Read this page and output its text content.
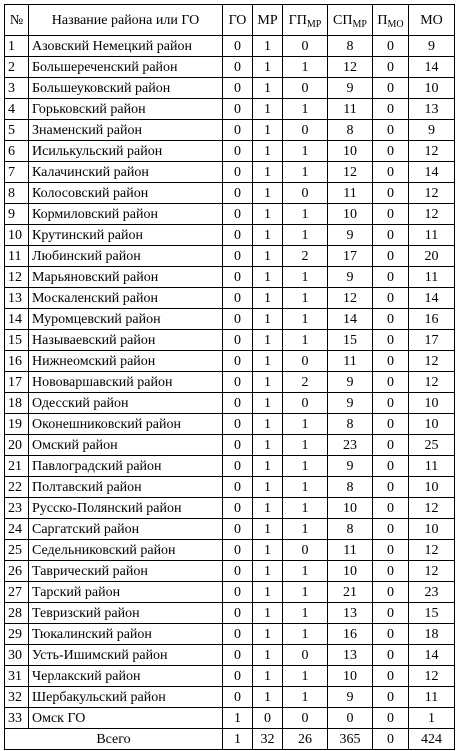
№	Название района или ГО	ГО	МР	$ГП_{МР}$	$СП_{МР}$	$П_{МО}$	МО
1	Азовский Немецкий район	0	1	0	8	0	9
2	Большереченский район	0	1	1	12	0	14
3	Большеуковский район	0	1	0	9	0	10
4	Горьковский район	0	1	1	11	0	13
5	Знаменский район	0	1	0	8	0	9
6	Исилькульский район	0	1	1	10	0	12
7	Калачинский район	0	1	1	12	0	14
8	Колосовский район	0	1	0	11	0	12
9	Кормиловский район	0	1	1	10	0	12
10	Крутинский район	0	1	1	9	0	11
11	Любинский район	0	1	2	17	0	20
12	Марьяновский район	0	1	1	9	0	11
13	Москаленский район	0	1	1	12	0	14
14	Муромцевский район	0	1	1	14	0	16
15	Называевский район	0	1	1	15	0	17
16	Нижнеомский район	0	1	0	11	0	12
17	Нововаршавский район	0	1	2	9	0	12
18	Одесский район	0	1	0	9	0	10
19	Оконешниковский район	0	1	1	8	0	10
20	Омский район	0	1	1	23	0	25
21	Павлоградский район	0	1	1	9	0	11
22	Полтавский район	0	1	1	8	0	10
23	Русско-Полянский район	0	1	1	10	0	12
24	Саргатский район	0	1	1	8	0	10
25	Седельниковский район	0	1	0	11	0	12
26	Таврический район	0	1	1	10	0	12
27	Тарский район	0	1	1	21	0	23
28	Тевризский район	0	1	1	13	0	15
29	Тюкалинский район	0	1	1	16	0	18
30	Усть-Ишимский район	0	1	0	13	0	14
31	Черлакский район	0	1	1	10	0	12
32	Шербакульский район	0	1	1	9	0	11
33	Омск ГО	1	0	0	0	0	1
Всего		1	32	26	365	0	424
